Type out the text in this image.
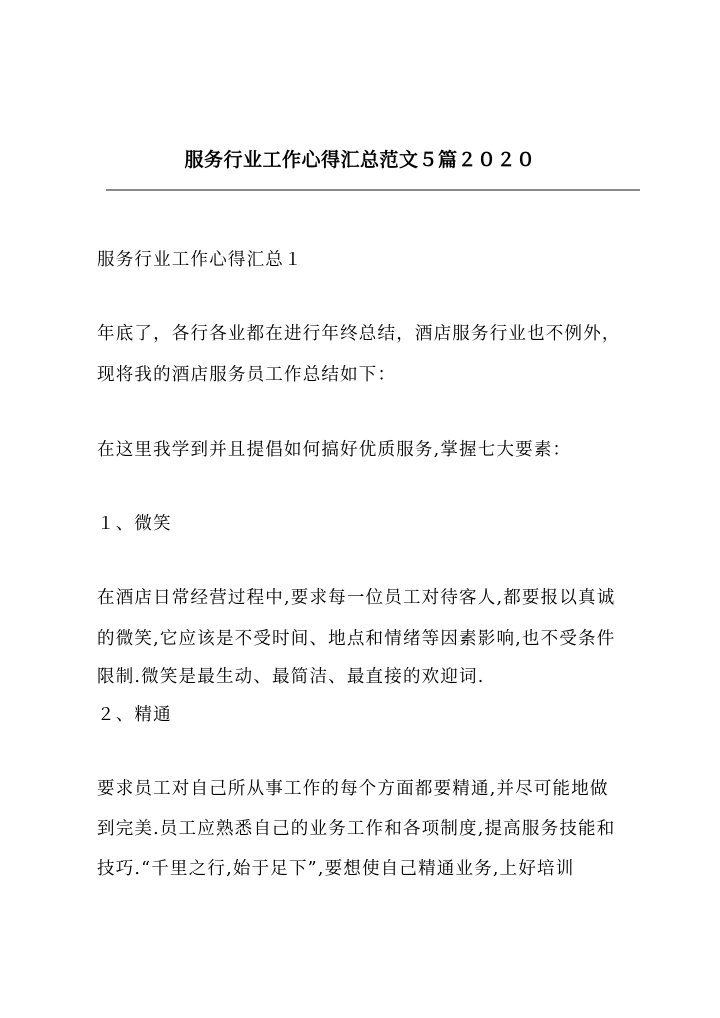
服务行业工作心得汇总范文５篇２０２０
服务行业工作心得汇总１
年底了，各行各业都在进行年终总结，酒店服务行业也不例外，
现将我的酒店服务员工作总结如下：
在这里我学到并且提倡如何搞好优质服务,掌握七大要素：
１、微笑
在酒店日常经营过程中,要求每一位员工对待客人,都要报以真诚
的微笑,它应该是不受时间、地点和情绪等因素影响,也不受条件
限制.微笑是最生动、最简洁、最直接的欢迎词.
２、精通
要求员工对自己所从事工作的每个方面都要精通,并尽可能地做
到完美.员工应熟悉自己的业务工作和各项制度,提高服务技能和
技巧.“千里之行,始于足下”,要想使自己精通业务,上好培训
